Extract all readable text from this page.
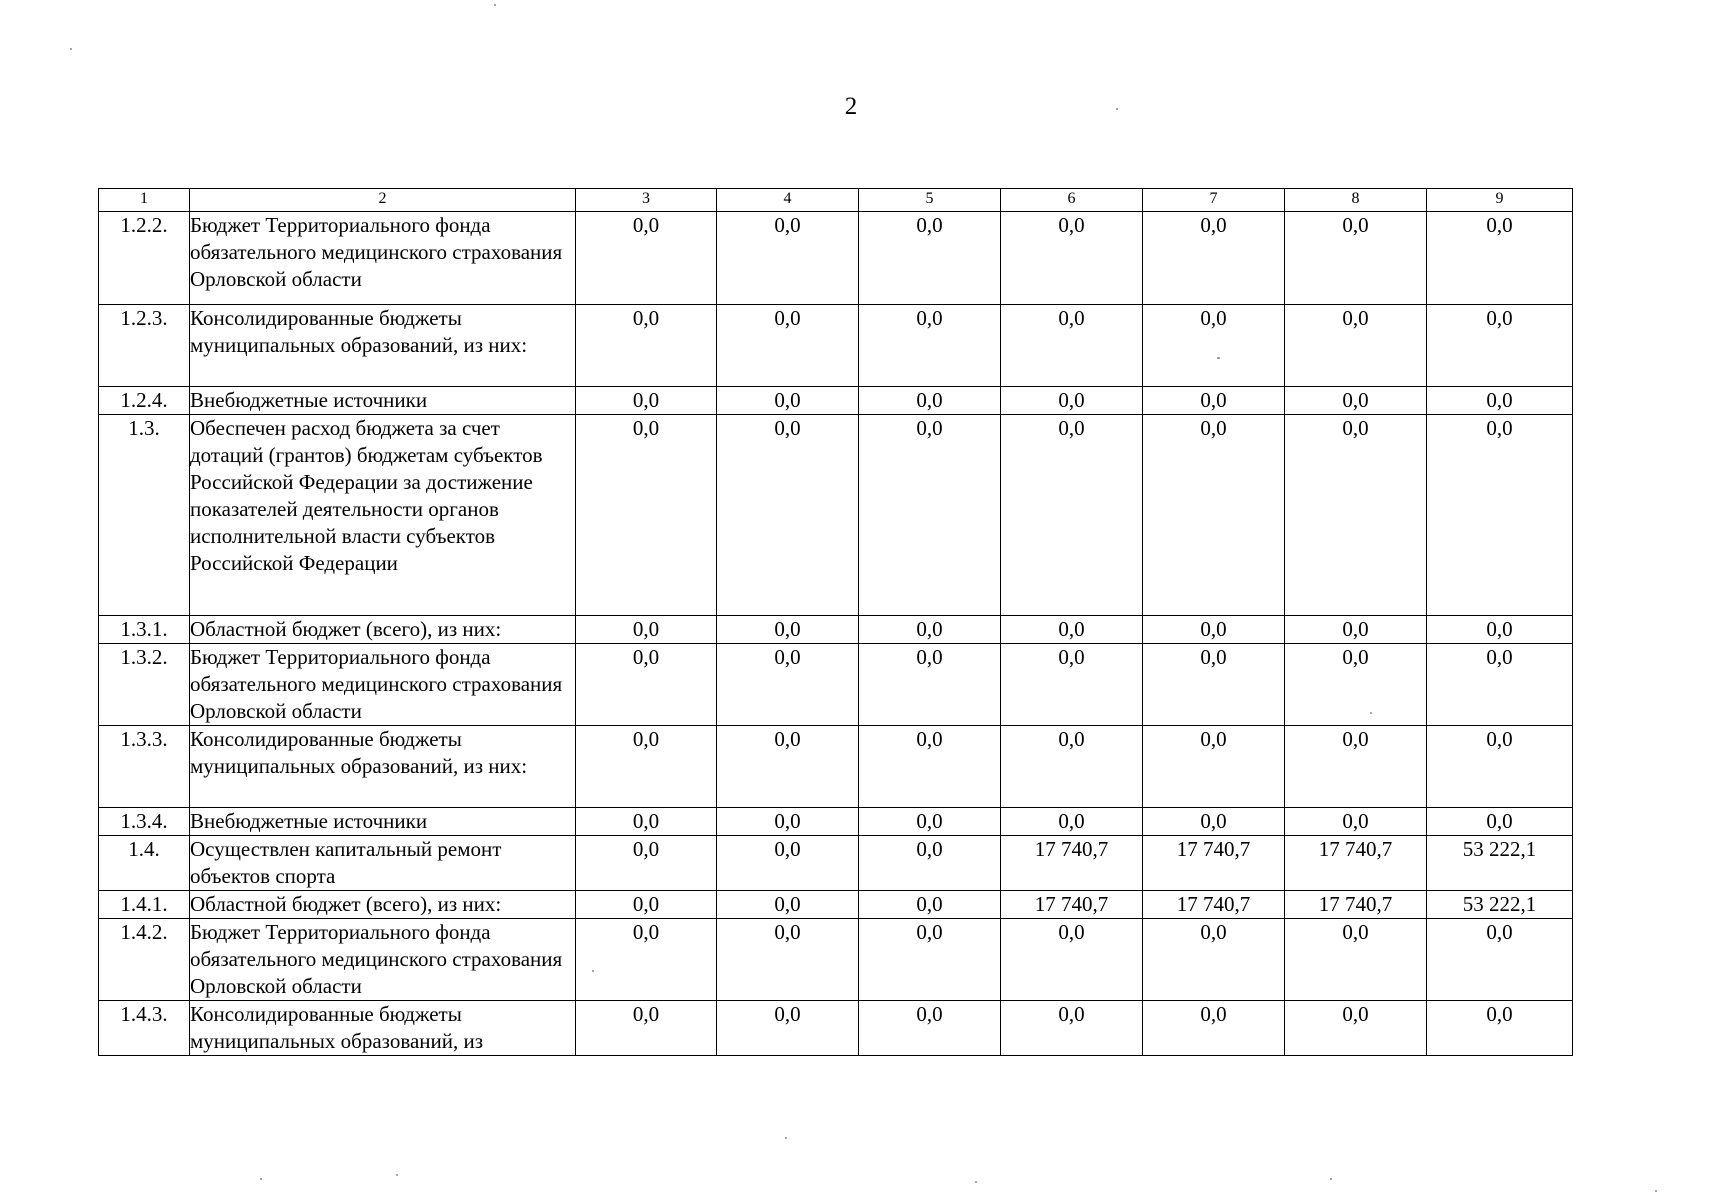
2
1	2	3	4	5	6	7	8	9
1.2.2.	Бюджет Территориального фонда обязательного медицинского страхования Орловской области	0,0	0,0	0,0	0,0	0,0	0,0	0,0
1.2.3.	Консолидированные бюджеты муниципальных образований, из них:	0,0	0,0	0,0	0,0	0,0	0,0	0,0
1.2.4.	Внебюджетные источники	0,0	0,0	0,0	0,0	0,0	0,0	0,0
1.3.	Обеспечен расход бюджета за счет дотаций (грантов) бюджетам субъектов Российской Федерации за достижение показателей деятельности органов исполнительной власти субъектов Российской Федерации	0,0	0,0	0,0	0,0	0,0	0,0	0,0
1.3.1.	Областной бюджет (всего), из них:	0,0	0,0	0,0	0,0	0,0	0,0	0,0
1.3.2.	Бюджет Территориального фонда обязательного медицинского страхования Орловской области	0,0	0,0	0,0	0,0	0,0	0,0	0,0
1.3.3.	Консолидированные бюджеты муниципальных образований, из них:	0,0	0,0	0,0	0,0	0,0	0,0	0,0
1.3.4.	Внебюджетные источники	0,0	0,0	0,0	0,0	0,0	0,0	0,0
1.4.	Осуществлен капитальный ремонт объектов спорта	0,0	0,0	0,0	17 740,7	17 740,7	17 740,7	53 222,1
1.4.1.	Областной бюджет (всего), из них:	0,0	0,0	0,0	17 740,7	17 740,7	17 740,7	53 222,1
1.4.2.	Бюджет Территориального фонда обязательного медицинского страхования Орловской области	0,0	0,0	0,0	0,0	0,0	0,0	0,0
1.4.3.	Консолидированные бюджеты муниципальных образований, из	0,0	0,0	0,0	0,0	0,0	0,0	0,0
